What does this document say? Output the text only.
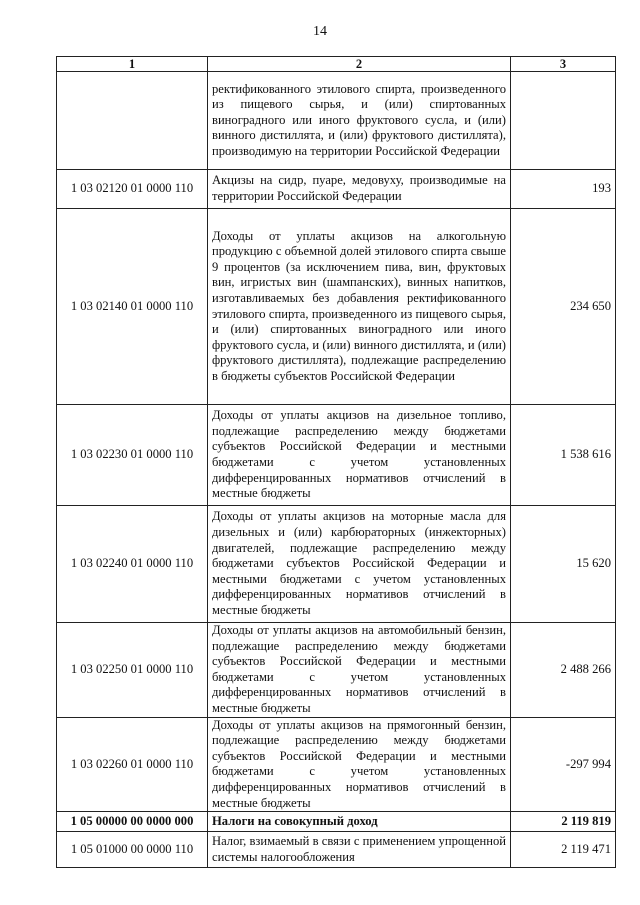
14
1	2	3
	ректификованного этилового спирта, произведенного из пищевого сырья, и (или) спиртованных виноградного или иного фруктового сусла, и (или) винного дистиллята, и (или) фруктового дистиллята), производимую на территории Российской Федерации	
1 03 02120 01 0000 110	Акцизы на сидр, пуаре, медовуху, производимые на территории Российской Федерации	193
1 03 02140 01 0000 110	Доходы от уплаты акцизов на алкогольную продукцию с объемной долей этилового спирта свыше 9 процентов (за исключением пива, вин, фруктовых вин, игристых вин (шампанских), винных напитков, изготавливаемых без добавления ректификованного этилового спирта, произведенного из пищевого сырья, и (или) спиртованных виноградного или иного фруктового сусла, и (или) винного дистиллята, и (или) фруктового дистиллята), подлежащие распределению в бюджеты субъектов Российской Федерации	234 650
1 03 02230 01 0000 110	Доходы от уплаты акцизов на дизельное топливо, подлежащие распределению между бюджетами субъектов Российской Федерации и местными бюджетами с учетом установленных дифференцированных нормативов отчислений в местные бюджеты	1 538 616
1 03 02240 01 0000 110	Доходы от уплаты акцизов на моторные масла для дизельных и (или) карбюраторных (инжекторных) двигателей, подлежащие распределению между бюджетами субъектов Российской Федерации и местными бюджетами с учетом установленных дифференцированных нормативов отчислений в местные бюджеты	15 620
1 03 02250 01 0000 110	Доходы от уплаты акцизов на автомобильный бензин, подлежащие распределению между бюджетами субъектов Российской Федерации и местными бюджетами с учетом установленных дифференцированных нормативов отчислений в местные бюджеты	2 488 266
1 03 02260 01 0000 110	Доходы от уплаты акцизов на прямогонный бензин, подлежащие распределению между бюджетами субъектов Российской Федерации и местными бюджетами с учетом установленных дифференцированных нормативов отчислений в местные бюджеты	-297 994
1 05 00000 00 0000 000	Налоги на совокупный доход	2 119 819
1 05 01000 00 0000 110	Налог, взимаемый в связи с применением упрощенной системы налогообложения	2 119 471
